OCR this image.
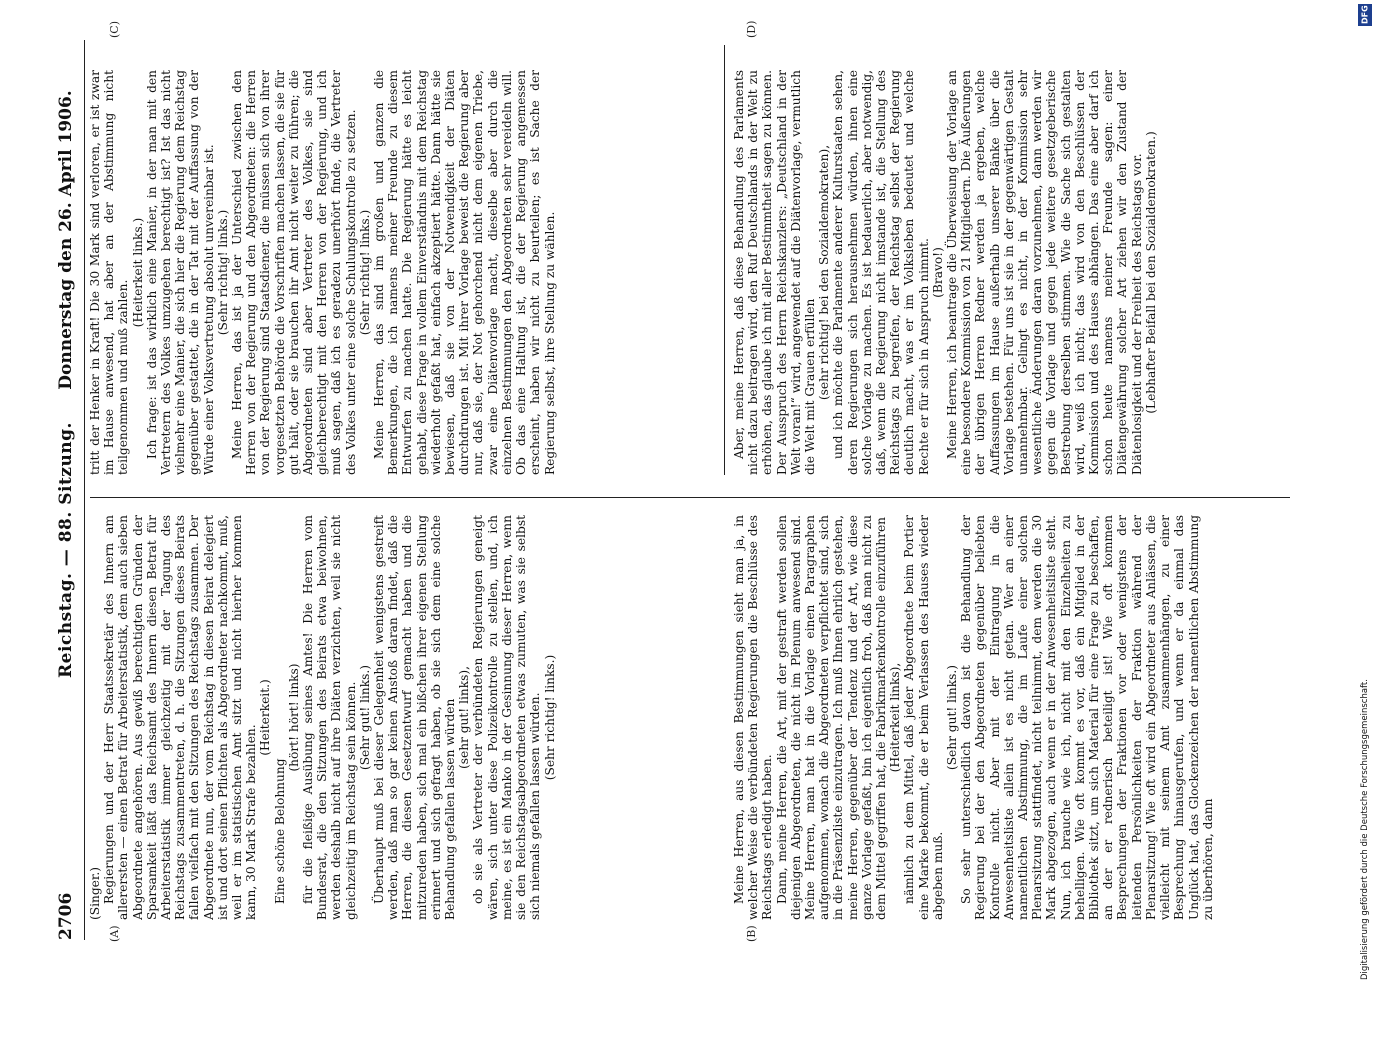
2706
Reichstag. — 88. Sitzung.
Donnerstag den 26. April 1906.
(A)	(B)
(C)	(D)

(Singer.) Regierungen und der Herr Staatssekretär des Innern am allerersten — einen Betrat für Arbeiterstatistik, dem auch sieben Abgeordnete angehören. Aus gewiß berechtigten Gründen der Sparsamkeit läßt das Reichsamt des Innern diesen Betrat für Arbeiterstatistik immer gleichzeitig mit der Tagung des Reichstags zusammentreten, d. h. die Sitzungen dieses Beirats fallen vielfach mit den Sitzungen des Reichstags zusammen. Der Abgeordnete nun, der vom Reichstag in diesen Beirat delegiert ist und dort seinen Pflichten als Abgeordneter nachkommt, muß, weil er im statistischen Amt sitzt und nicht hierher kommen kann, 30 Mark Strafe bezahlen.

(Heiterkeit.)

Eine schöne Belohnung

(hört! hört! links) für die fleißige Ausübung seines Amtes! Die Herren vom Bundesrat, die den Sitzungen des Beirats etwa beiwohnen, werden deshalb nicht auf ihre Diäten verzichten, weil sie nicht gleichzeitig im Reichstag sein können. (Sehr gut! links.) Überhaupt muß bei dieser Gelegenheit wenigstens gestreift werden, daß man so gar keinen Anstoß daran findet, daß die Herren, die diesen Gesetzentwurf gemacht haben und die mitzureden haben, sich mal ein bißchen ihrer eigenen Stellung erinnert und sich gefragt haben, ob sie sich dem eine solche Behandlung gefallen lassen würden (sehr gut! links), ob sie als Vertreter der verbündeten Regierungen geneigt wären, sich unter diese Polizeikontrolle zu stellen, und, ich meine, es ist ein Manko in der Gesinnung dieser Herren, wenn sie den Reichstagsabgeordneten etwas zumuten, was sie selbst sich niemals gefallen lassen würden. (Sehr richtig! links.)	Meine Herren, aus diesen Bestimmungen sieht man ja, in welcher Weise die verbündeten Regierungen die Beschlüsse des Reichstags erledigt haben. Dann, meine Herren, die Art, mit der gestraft werden sollen diejenigen Abgeordneten, die nicht im Plenum anwesend sind. Meine Herren, man hat in die Vorlage einen Paragraphen aufgenommen, wonach die Abgeordneten verpflichtet sind, sich in die Präsenzliste einzutragen. Ich muß Ihnen ehrlich gestehen, meine Herren, gegenüber der Tendenz und der Art, wie diese ganze Vorlage gefaßt, bin ich eigentlich froh, daß man nicht zu dem Mittel gegriffen hat, die Fabrikmarkenkontrolle einzuführen (Heiterkeit links), nämlich zu dem Mittel, daß jeder Abgeordnete beim Portier eine Marke bekommt, die er beim Verlassen des Hauses wieder abgeben muß.

(Sehr gut! links.) So sehr unterschiedlich davon ist die Behandlung der Regierung bei der den Abgeordneten gegenüber beliebten Kontrolle nicht. Aber mit der Eintragung in die Anwesenheitsliste allein ist es nicht getan. Wer an einer namentlichen Abstimmung, die im Laufe einer solchen Plenarsitzung stattfindet, nicht teilnimmt, dem werden die 30 Mark abgezogen, auch wenn er in der Anwesenheitsliste steht. Nun, ich brauche wie ich, nicht mit den Einzelheiten zu behelligen. Wie oft kommt es vor, daß ein Mitglied in der Bibliothek sitzt, um sich Material für eine Frage zu beschaffen, an der er rednerisch beteiligt ist! Wie oft kommen Besprechungen der Fraktionen vor oder wenigstens der leitenden Persönlichkeiten der Fraktion während der Plenarsitzung! Wie oft wird ein Abgeordneter aus Anlässen, die vielleicht mit seinem Amt zusammenhängen, zu einer Besprechung hinausgerufen, und wenn er da einmal das Unglück hat, das Glockenzeichen der namentlichen Abstimmung zu überhören, dann

tritt der Henker in Kraft! Die 30 Mark sind verloren, er ist zwar im Hause anwesend, hat aber an der Abstimmung nicht teilgenommen und muß zahlen.

(Heiterkeit links.) Ich frage: ist das wirklich eine Manier, in der man mit den Vertretern des Volkes umzugehen berechtigt ist? Ist das nicht vielmehr eine Manier, die sich hier die Regierung dem Reichstag gegenüber gestattet, die in der Tat mit der Auffassung von der Würde einer Volksvertretung absolut unvereinbar ist. (Sehr richtig! links.) Meine Herren, das ist ja der Unterschied zwischen den Herren von der Regierung und den Abgeordneten: die Herren von der Regierung sind Staatsdiener, die müssen sich von ihrer vorgesetzten Behörde die Vorschriften machen lassen, die sie für gut hält, oder sie brauchen ihr Amt nicht weiter zu führen; die Abgeordneten sind aber Vertreter des Volkes, sie sind gleichberechtigt mit den Herren von der Regierung, und ich muß sagen, daß ich es geradezu unerhört finde, die Vertreter des Volkes unter eine solche Schulungskontrolle zu setzen. (Sehr richtig! links.) Meine Herren, das sind im großen und ganzen die Bemerkungen, die ich namens meiner Freunde zu diesem Entwurfen zu machen hatte. Die Regierung hätte es leicht gehabt, diese Frage in vollem Einverständnis mit dem Reichstag wiederholt gefaßt hat, einfach akzeptiert hätte. Dann hätte sie bewiesen, daß sie von der Notwendigkeit der Diäten durchdrungen ist. Mit ihrer Vorlage beweist die Regierung aber nur, daß sie, der Not gehorchend nicht dem eigenen Triebe, zwar eine Diätenvorlage macht, dieselbe aber durch die einzelnen Bestimmungen den Abgeordneten sehr vereideln will. Ob das eine Haltung ist, die der Regierung angemessen erscheint, haben wir nicht zu beurteilen; es ist Sache der Regierung selbst, ihre Stellung zu wählen.	Aber, meine Herren, daß diese Behandlung des Parlaments nicht dazu beitragen wird, den Ruf Deutschlands in der Welt zu erhöhen, das glaube ich mit aller Bestimmtheit sagen zu können. Der Ausspruch des Herrn Reichskanzlers: „Deutschland in der Welt voran!“ wird, angewendet auf die Diätenvorlage, vermutlich die Welt mit Grauen erfüllen (sehr richtig! bei den Sozialdemokraten), und ich möchte die Parlamente anderer Kulturstaaten sehen, deren Regierungen sich herausnehmen würden, ihnen eine solche Vorlage zu machen. Es ist bedauerlich, aber notwendig, daß, wenn die Regierung nicht imstande ist, die Stellung des Reichstags zu begreifen, der Reichstag selbst der Regierung deutlich macht, was er im Volksleben bedeutet und welche Rechte er für sich in Anspruch nimmt. (Bravo!) Meine Herren, ich beantrage die Überweisung der Vorlage an eine besondere Kommission von 21 Mitgliedern. Die Äußerungen der übrigen Herren Redner werden ja ergeben, welche Auffassungen im Hause außerhalb unserer Bänke über die Vorlage bestehen. Für uns ist sie in der gegenwärtigen Gestalt unannehmbar. Gelingt es nicht, in der Kommission sehr wesentliche Änderungen daran vorzunehmen, dann werden wir gegen die Vorlage und gegen jede weitere gesetzgeberische Bestrebung derselben stimmen. Wie die Sache sich gestalten wird, weiß ich nicht; das wird von den Beschlüssen der Kommission und des Hauses abhängen. Das eine aber darf ich schon heute namens meiner Freunde sagen: einer Diätengewährung solcher Art ziehen wir den Zustand der Diätenlosigkeit und der Freiheit des Reichstags vor. (Lebhafter Beifall bei den Sozialdemokraten.)

Digitalisierung gefördert durch die Deutsche Forschungsgemeinschaft.
DFG
